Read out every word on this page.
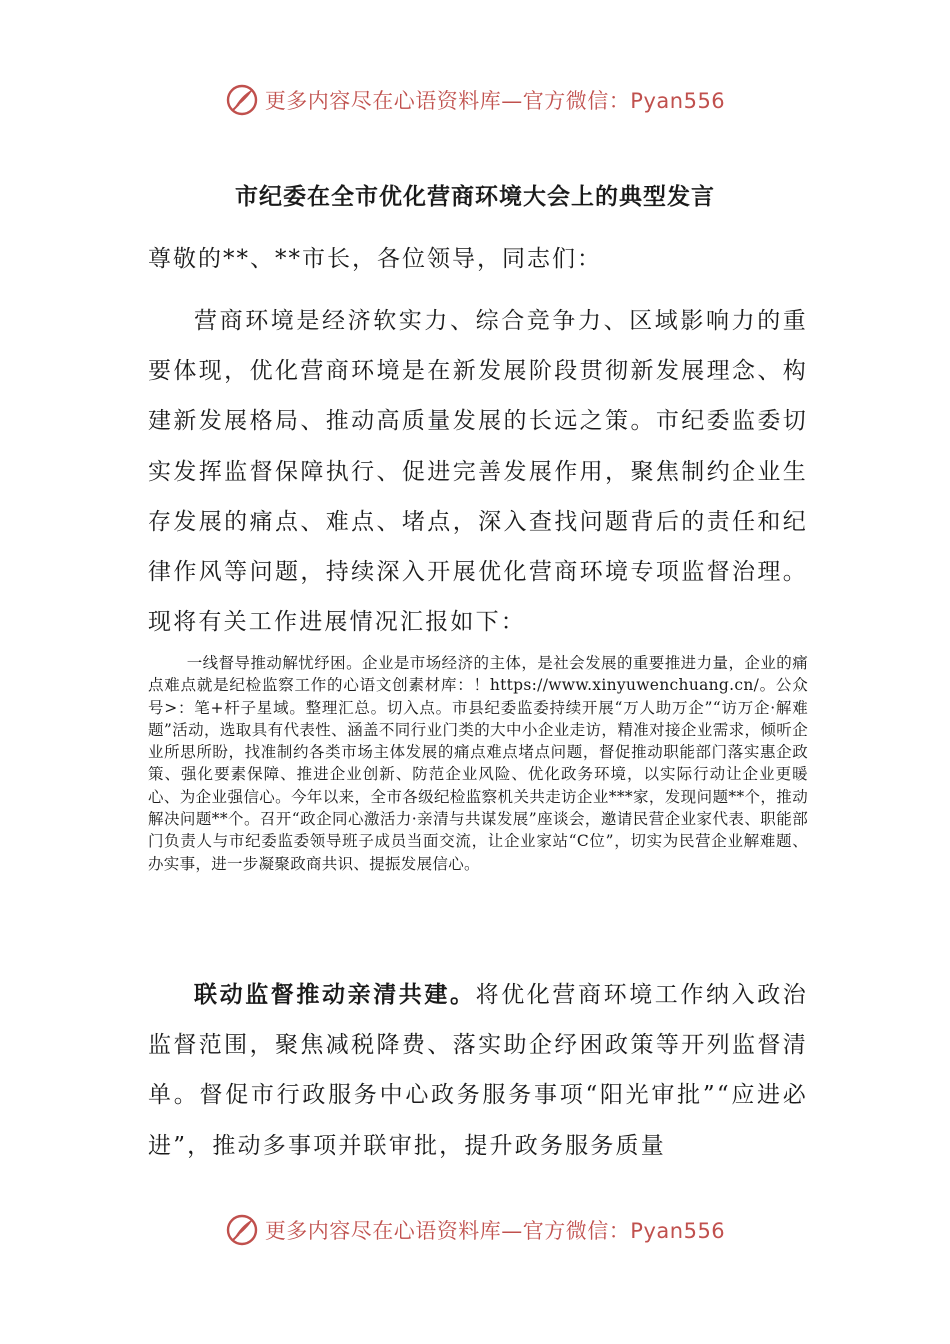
更多内容尽在心语资料库—官方微信：Pyan556
市纪委在全市优化营商环境大会上的典型发言
尊敬的**、**市长，各位领导，同志们：

营商环境是经济软实力、综合竞争力、区域影响力的重要体现，优化营商环境是在新发展阶段贯彻新发展理念、构建新发展格局、推动高质量发展的长远之策。市纪委监委切实发挥监督保障执行、促进完善发展作用，聚焦制约企业生存发展的痛点、难点、堵点，深入查找问题背后的责任和纪律作风等问题，持续深入开展优化营商环境专项监督治理。现将有关工作进展情况汇报如下：

一线督导推动解忧纾困。企业是市场经济的主体，是社会发展的重要推进力量，企业的痛点难点就是纪检监察工作的心语文创素材库：！https://www.xinyuwenchuang.cn/。公众号>：笔+杆子星域。整理汇总。切入点。市县纪委监委持续开展“万人助万企”“访万企·解难题”活动，选取具有代表性、涵盖不同行业门类的大中小企业走访，精准对接企业需求，倾听企业所思所盼，找准制约各类市场主体发展的痛点难点堵点问题，督促推动职能部门落实惠企政策、强化要素保障、推进企业创新、防范企业风险、优化政务环境，以实际行动让企业更暖心、为企业强信心。今年以来，全市各级纪检监察机关共走访企业***家，发现问题**个，推动解决问题**个。召开“政企同心激活力·亲清与共谋发展”座谈会，邀请民营企业家代表、职能部门负责人与市纪委监委领导班子成员当面交流，让企业家站“C位”，切实为民营企业解难题、办实事，进一步凝聚政商共识、提振发展信心。

联动监督推动亲清共建。将优化营商环境工作纳入政治监督范围，聚焦减税降费、落实助企纾困政策等开列监督清单。督促市行政服务中心政务服务事项“阳光审批”“应进必进”，推动多事项并联审批，提升政务服务质量

更多内容尽在心语资料库—官方微信：Pyan556
